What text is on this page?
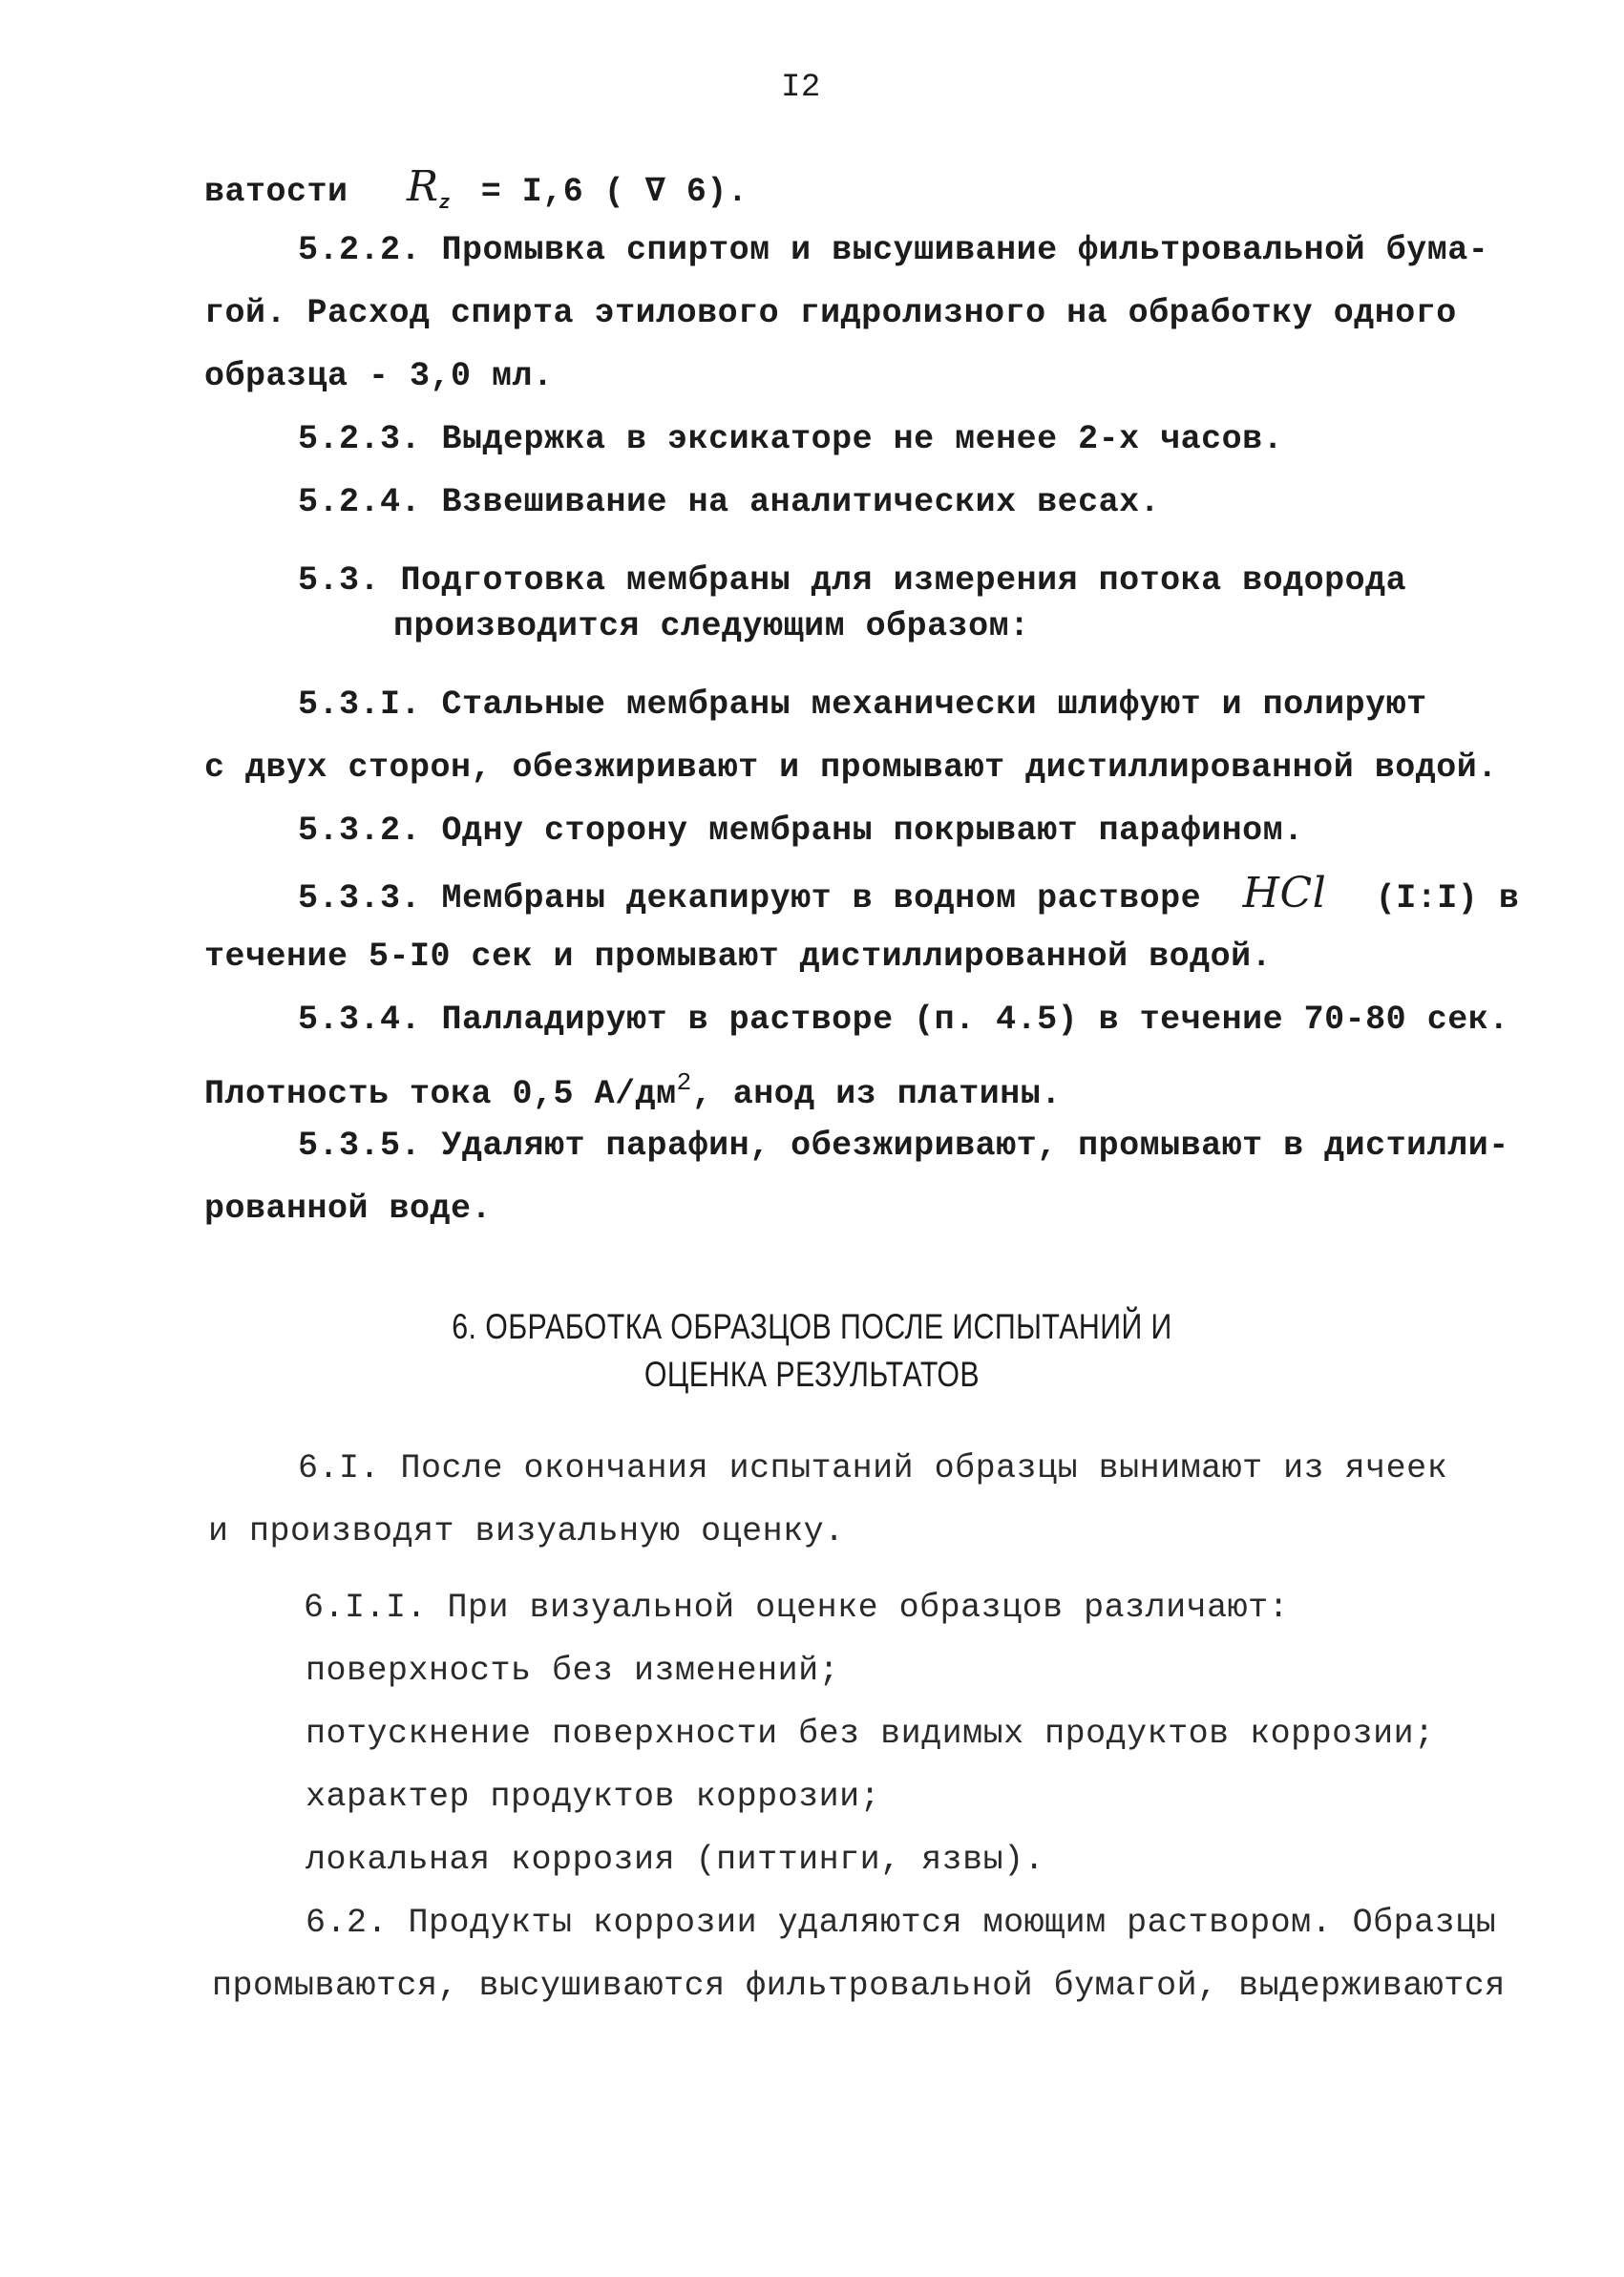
I2
ватости $R_z = I,6$ ( ∇ 6).
5.2.2. Промывка спиртом и высушивание фильтровальной бума-
гой. Расход спирта этилового гидролизного на обработку одного
образца - 3,0 мл.
5.2.3. Выдержка в эксикаторе не менее 2-х часов.
5.2.4. Взвешивание на аналитических весах.
5.3. Подготовка мембраны для измерения потока водорода
производится следующим образом:
5.3.I. Стальные мембраны механически шлифуют и полируют
с двух сторон, обезжиривают и промывают дистиллированной водой.
5.3.2. Одну сторону мембраны покрывают парафином.
5.3.3. Мембраны декапируют в водном растворе HCl (I:I) в
течение 5-I0 сек и промывают дистиллированной водой.
5.3.4. Палладируют в растворе (п. 4.5) в течение 70-80 сек.
Плотность тока 0,5 $А/дм^2$, анод из платины.
5.3.5. Удаляют парафин, обезжиривают, промывают в дистилли-
рованной воде.
6. ОБРАБОТКА ОБРАЗЦОВ ПОСЛЕ ИСПЫТАНИЙ И
ОЦЕНКА РЕЗУЛЬТАТОВ
6.I. После окончания испытаний образцы вынимают из ячеек
и производят визуальную оценку.
6.I.I. При визуальной оценке образцов различают:
поверхность без изменений;
потускнение поверхности без видимых продуктов коррозии;
характер продуктов коррозии;
локальная коррозия (питтинги, язвы).
6.2. Продукты коррозии удаляются моющим раствором. Образцы
промываются, высушиваются фильтровальной бумагой, выдерживаются
